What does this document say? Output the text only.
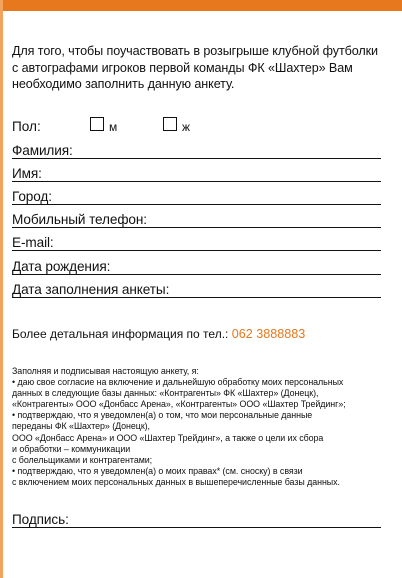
Для того, чтобы поучаствовать в розыгрыше клубной футболки
с автографами игроков первой команды ФК «Шахтер» Вам
необходимо заполнить данную анкету.
Пол:	м	ж
Фамилия:
Имя:
Город:
Мобильный телефон:
E-mail:
Дата рождения:
Дата заполнения анкеты:
Более детальная информация по тел.: 062 3888883
Заполняя и подписывая настоящую анкету, я:
• даю свое согласие на включение и дальнейшую обработку моих персональных
данных в следующие базы данных: «Контрагенты» ФК «Шахтер» (Донецк),
«Контрагенты» ООО «Донбасс Арена», «Контрагенты» ООО «Шахтер Трейдинг»;
• подтверждаю, что я уведомлен(а) о том, что мои персональные данные
переданы ФК «Шахтер» (Донецк),
ООО «Донбасс Арена» и ООО «Шахтер Трейдинг», а также о цели их сбора
и обработки – коммуникации
с болельщиками и контрагентами;
• подтверждаю, что я уведомлен(а) о моих правах* (см. сноску) в связи
с включением моих персональных данных в вышеперечисленные базы данных.
Подпись:
